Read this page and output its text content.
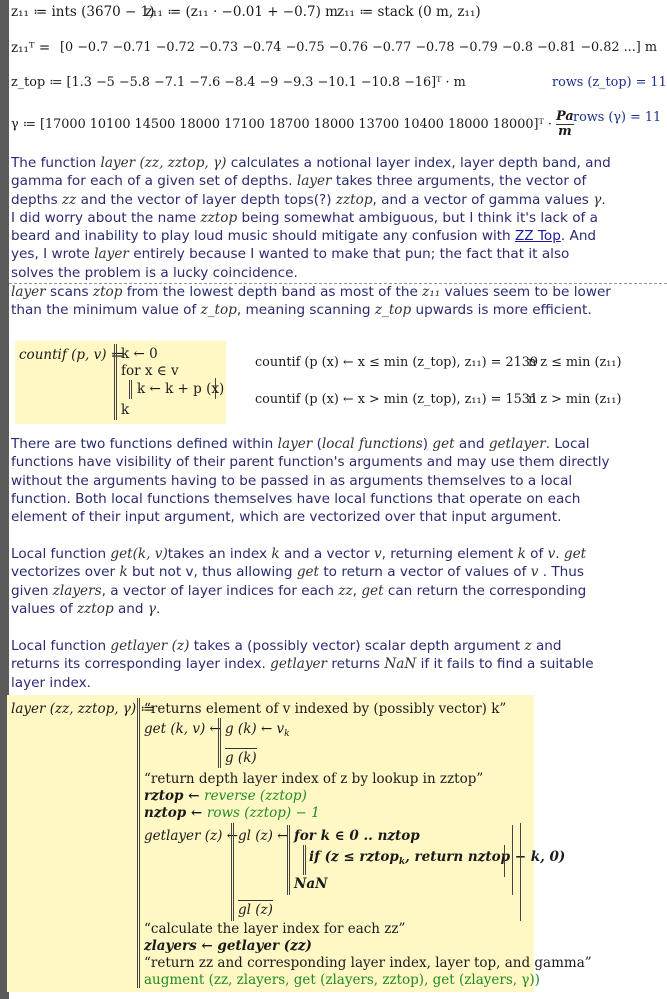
z₁₁ ≔ ints (3670 − 1)
z₁₁ ≔ (z₁₁ · −0.01 + −0.7) m z₁₁ ≔ stack (0 m, z₁₁)
z₁₁ᵀ = [0 −0.7 −0.71 −0.72 −0.73 −0.74 −0.75 −0.76 −0.77 −0.78 −0.79 −0.8 −0.81 −0.82 ...] m
z_top ≔ [1.3 −5 −5.8 −7.1 −7.6 −8.4 −9 −9.3 −10.1 −10.8 −16]ᵀ · m	rows (z_top) = 11
γ ≔ [17000 10100 14500 18000 17100 18700 18000 13700 10400 18000 18000]ᵀ · $\frac{Pa}{m}$ rows (γ) = 11
The function layer (zz, zztop, γ) calculates a notional layer index, layer depth band, and gamma for each of a given set of depths. layer takes three arguments, the vector of depths zz and the vector of layer depth tops(?) zztop, and a vector of gamma values γ. I did worry about the name zztop being somewhat ambiguous, but I think it's lack of a beard and inability to play loud music should mitigate any confusion with ZZ Top. And yes, I wrote layer entirely because I wanted to make that pun; the fact that it also solves the problem is a lucky coincidence.
layer scans ztop from the lowest depth band as most of the z₁₁ values seem to be lower than the minimum value of z_top, meaning scanning z_top upwards is more efficient.
countif (p, v) ≔
k ← 0
for x ∈ v
k ← k + p (x)
k
countif (p (x) ← x ≤ min (z_top), z₁₁) = 2139
countif (p (x) ← x > min (z_top), z₁₁) = 1531
n z ≤ min (z₁₁)
n z > min (z₁₁)
There are two functions defined within layer (local functions) get and getlayer. Local functions have visibility of their parent function's arguments and may use them directly without the arguments having to be passed in as arguments themselves to a local function. Both local functions themselves have local functions that operate on each element of their input argument, which are vectorized over that input argument.
Local function get(k, v)takes an index k and a vector v, returning element k of v. get vectorizes over k but not v, thus allowing get to return a vector of values of v . Thus given zlayers, a vector of layer indices for each zz, get can return the corresponding values of zztop and γ.
Local function getlayer (z) takes a (possibly vector) scalar depth argument z and returns its corresponding layer index. getlayer returns NaN if it fails to find a suitable layer index.
layer (zz, zztop, γ) ≔
“returns element of v indexed by (possibly vector) k”
get (k, v) ← g (k) ← $v_k$
g (k)
“return depth layer index of z by lookup in zztop”
rztop ← reverse (zztop)
nztop ← rows (zztop) − 1
getlayer (z) ← gl (z) ← for k ∈ 0 .. nztop
if (z ≤ rztop$_k$, return nztop − k, 0)
NaN
gl (z)
“calculate the layer index for each zz”
zlayers ← getlayer (zz)
“return zz and corresponding layer index, layer top, and gamma”
augment (zz, zlayers, get (zlayers, zztop), get (zlayers, γ))
